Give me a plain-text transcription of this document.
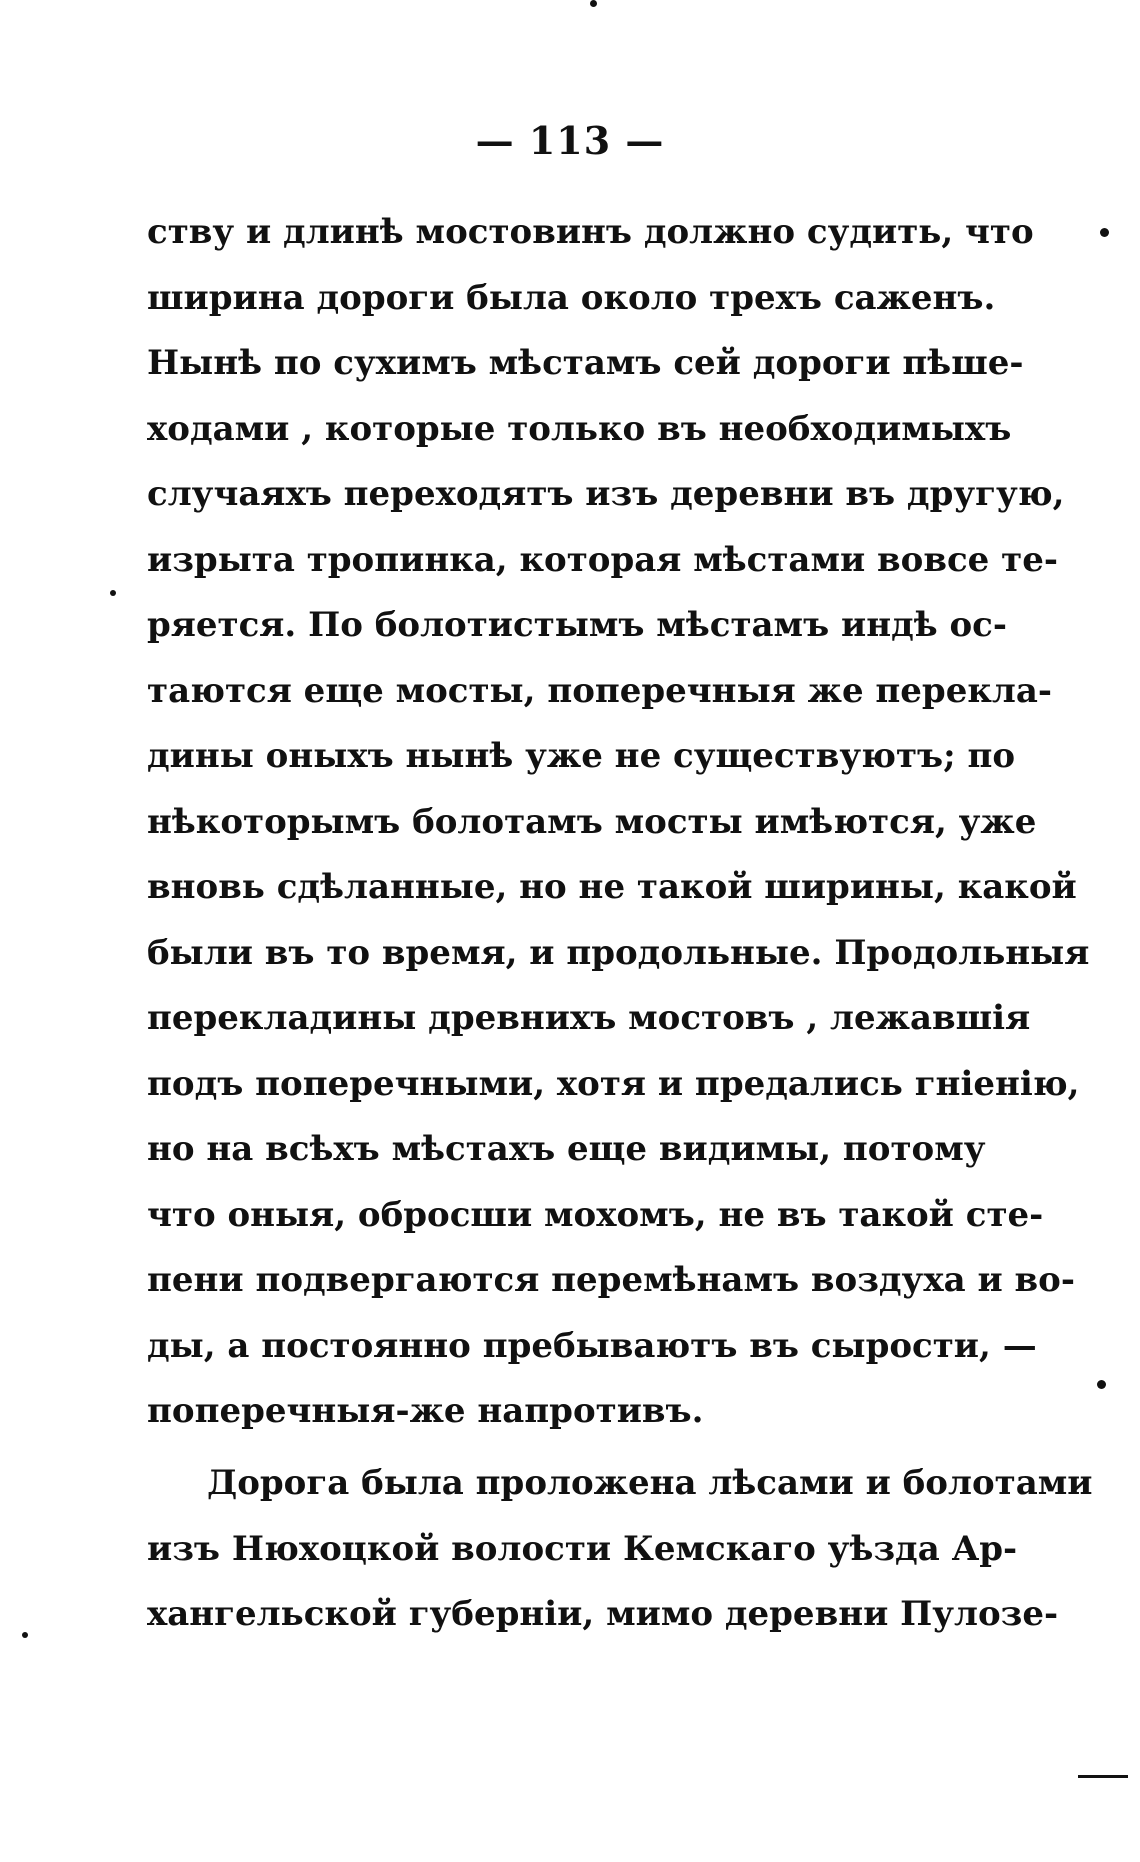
— 113 —
ству и длинѣ мостовинъ должно судить, что
ширина дороги была около трехъ саженъ.
Нынѣ по сухимъ мѣстамъ сей дороги пѣше-
ходами , которые только въ необходимыхъ
случаяхъ переходятъ изъ деревни въ другую,
изрыта тропинка, которая мѣстами вовсе те-
ряется. По болотистымъ мѣстамъ индѣ ос-
таются еще мосты, поперечныя же перекла-
дины оныхъ нынѣ уже не существуютъ; по
нѣкоторымъ болотамъ мосты имѣются, уже
вновь сдѣланные, но не такой ширины, какой
были въ то время, и продольные. Продольныя
перекладины древнихъ мостовъ , лежавшія
подъ поперечными, хотя и предались гніенію,
но на всѣхъ мѣстахъ еще видимы, потому
что оныя, обросши мохомъ, не въ такой сте-
пени подвергаются перемѣнамъ воздуха и во-
ды, а постоянно пребываютъ въ сырости, —
поперечныя-же напротивъ.
Дорога была проложена лѣсами и болотами
изъ Нюхоцкой волости Кемскаго уѣзда Ар-
хангельской губерніи, мимо деревни Пулозе-
